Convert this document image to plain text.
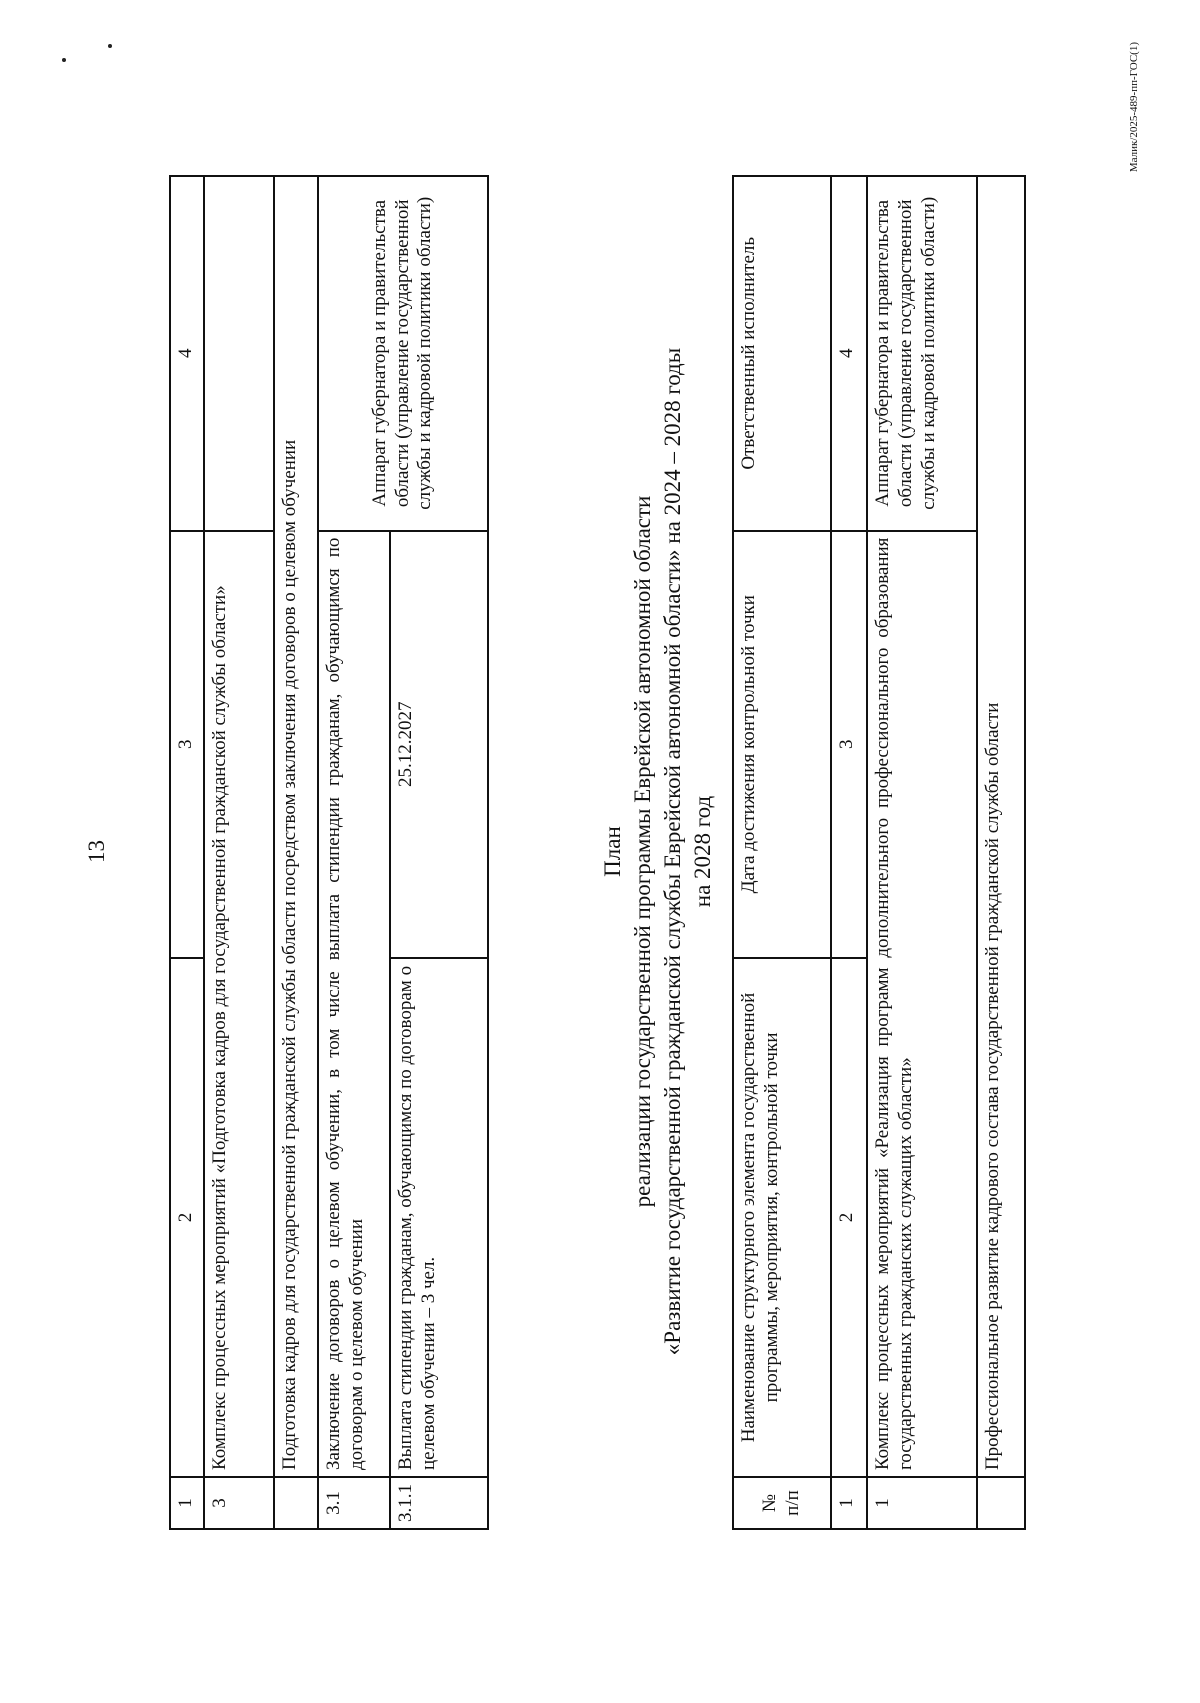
13
1	2	3	4
3	Комплекс процессных мероприятий «Подготовка кадров для государственной гражданской службы области»		
	Подготовка кадров для государственной гражданской службы области посредством заключения договоров о целевом обучении		
3.1	Заключение договоров о целевом обучении, в том числе выплата стипендии гражданам, обучающимся по договорам о целевом обучении		Аппарат губернатора и правительства области (управление государственной службы и кадровой политики области)
3.1.1	Выплата стипендии гражданам, обучающимся по договорам о целевом обучении – 3 чел.	25.12.2027	
План реализации государственной программы Еврейской автономной области «Развитие государственной гражданской службы Еврейской автономной области» на 2024 – 2028 годы на 2028 год
№ п/п	Наименование структурного элемента государственной программы, мероприятия, контрольной точки	Дата достижения контрольной точки	Ответственный исполнитель
1	2	3	4
1	Комплекс процессных мероприятий «Реализация программ дополнительного профессионального образования государственных гражданских служащих области»		Аппарат губернатора и правительства области (управление государственной службы и кадровой политики области)
	Профессиональное развитие кадрового состава государственной гражданской службы области		
Малик/2025-489-пп-ГОС(1)
